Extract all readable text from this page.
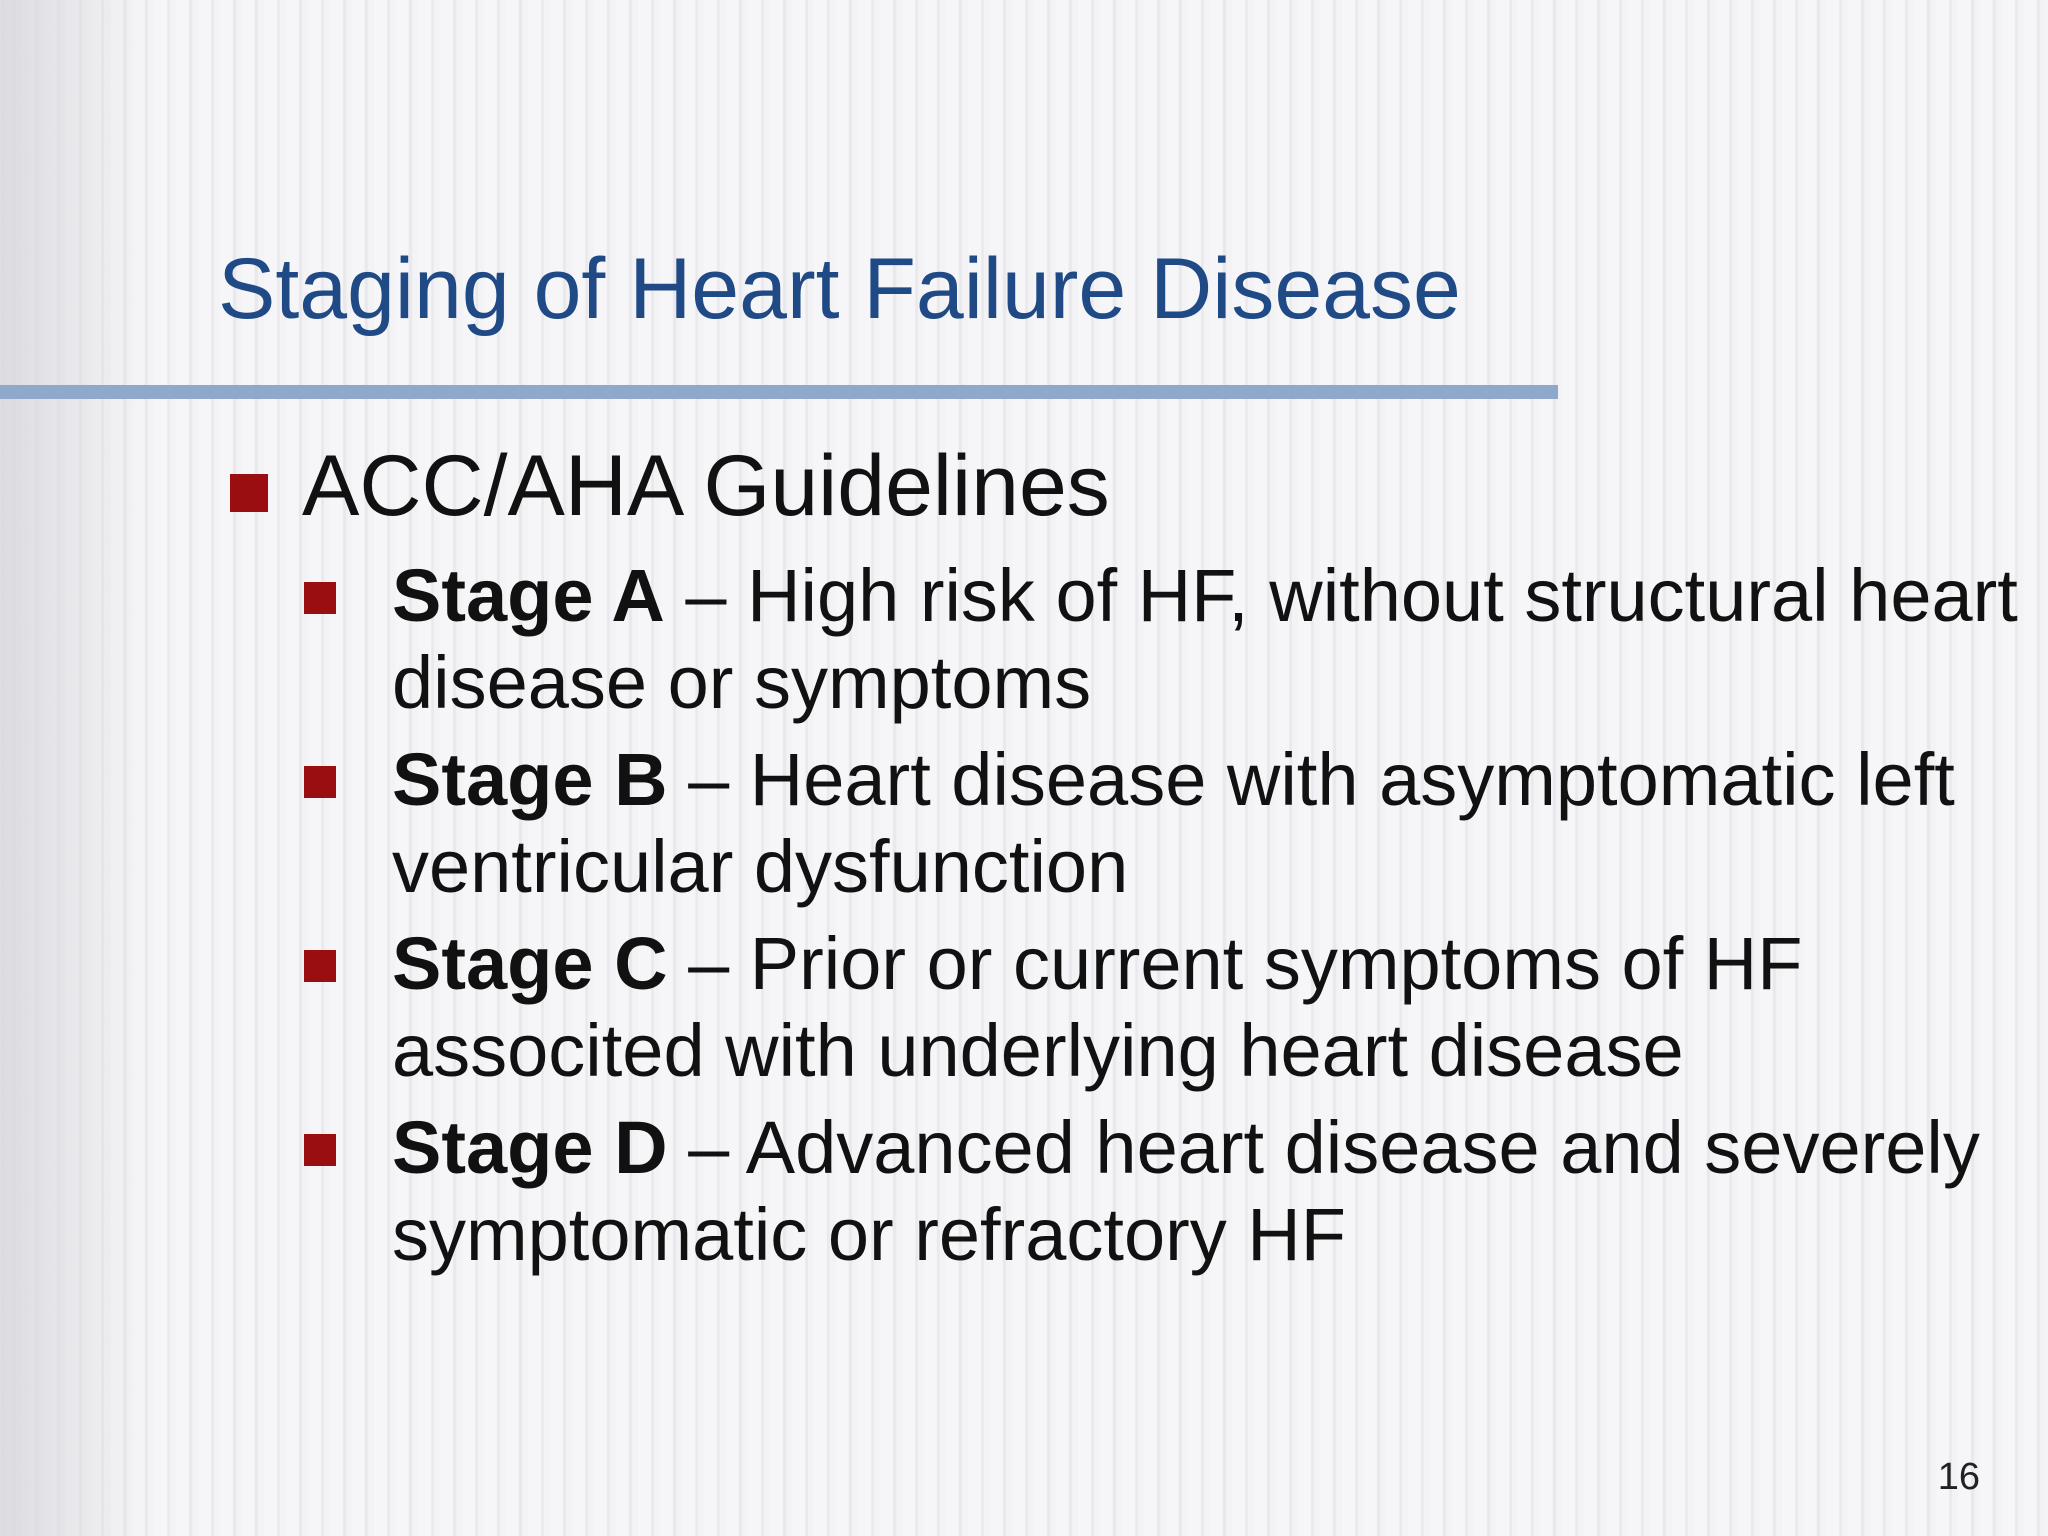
Staging of Heart Failure Disease
ACC/AHA Guidelines
Stage A – High risk of HF, without structural heart disease or symptoms
Stage B – Heart disease with asymptomatic left ventricular dysfunction
Stage C – Prior or current symptoms of HF associted with underlying heart disease
Stage D – Advanced heart disease and severely symptomatic or refractory HF
16
